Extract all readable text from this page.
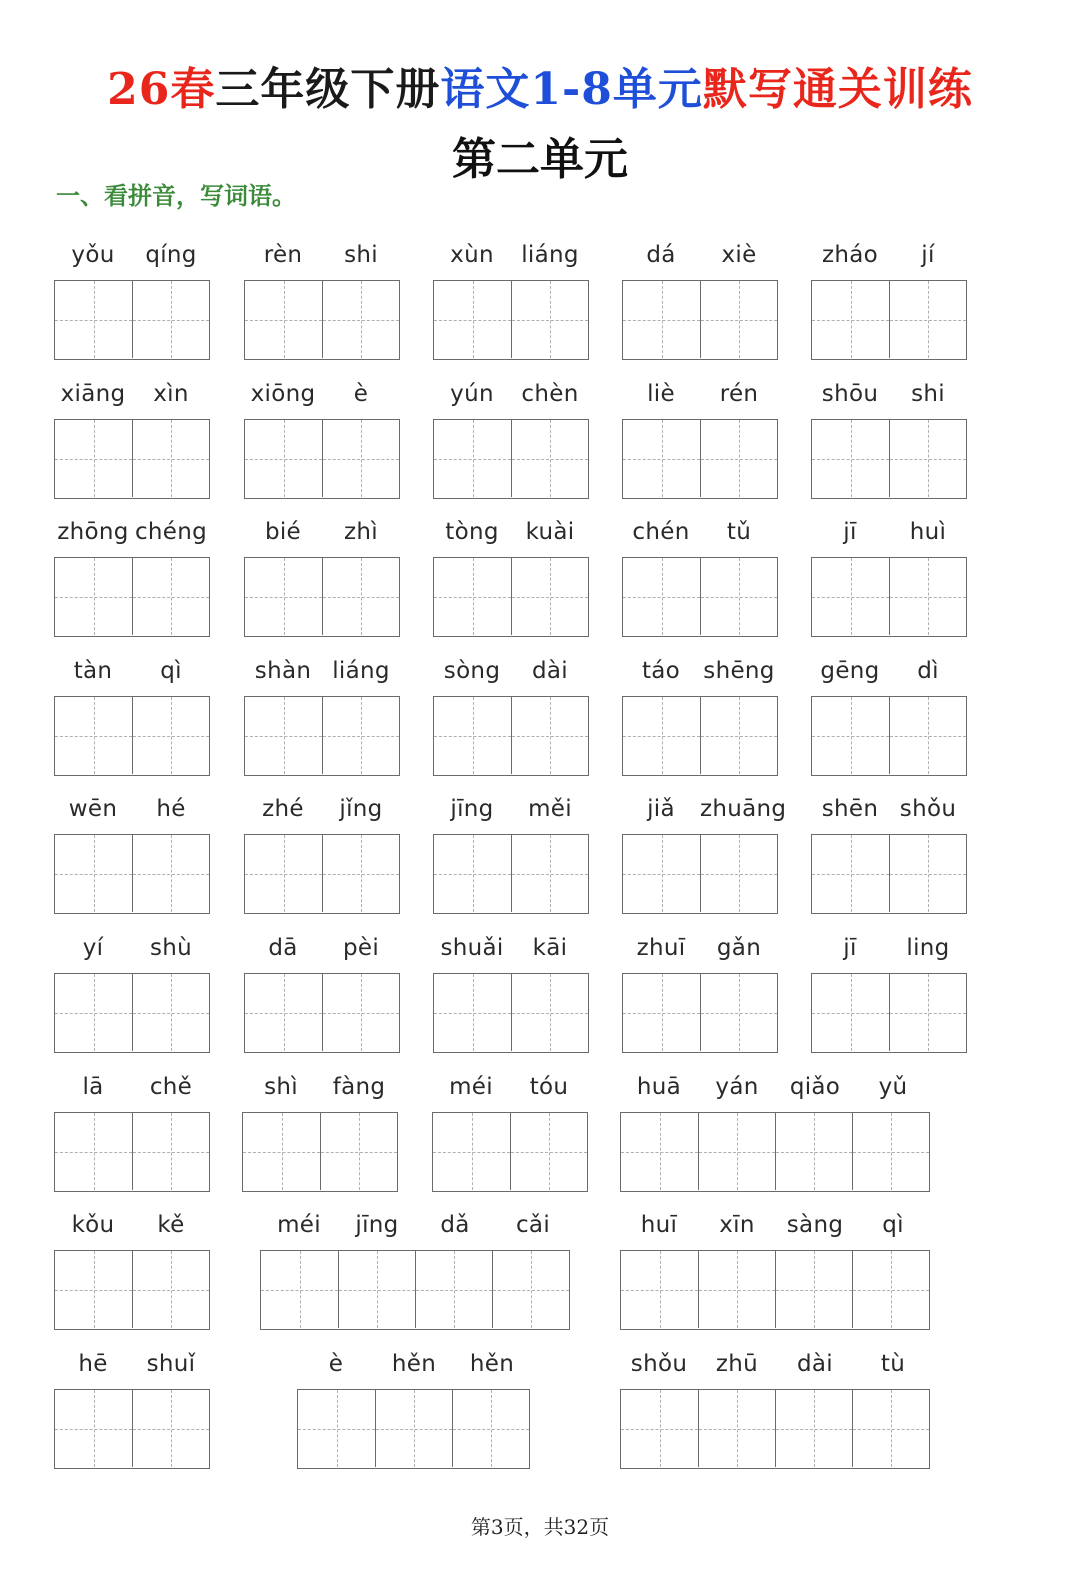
26春三年级下册语文1-8单元默写通关训练
第二单元
一、看拼音，写词语。
yǒu	qíng	rèn	shi	xùn	liáng	dá	xiè	zháo	jí
xiāng	xìn	xiōng	è	yún	chèn	liè	rén	shōu	shi
zhōng chéng	bié	zhì	tòng	kuài	chén	tǔ	jī	huì
tàn	qì	shàn liáng	sòng	dài	táo	shēng	gēng	dì
wēn	hé	zhé	jǐng	jīng	měi	jiǎ	zhuāng	shēn shǒu
yí	shù	dā	pèi	shuǎi	kāi	zhuī	gǎn	jī	ling
lā	chě	shì	fàng	méi	tóu	huā	yán	qiǎo	yǔ
kǒu	kě	méi	jīng	dǎ	cǎi	huī	xīn	sàng	qì
hē	shuǐ	è	hěn	hěn	shǒu	zhū	dài	tù
第3页，共32页
